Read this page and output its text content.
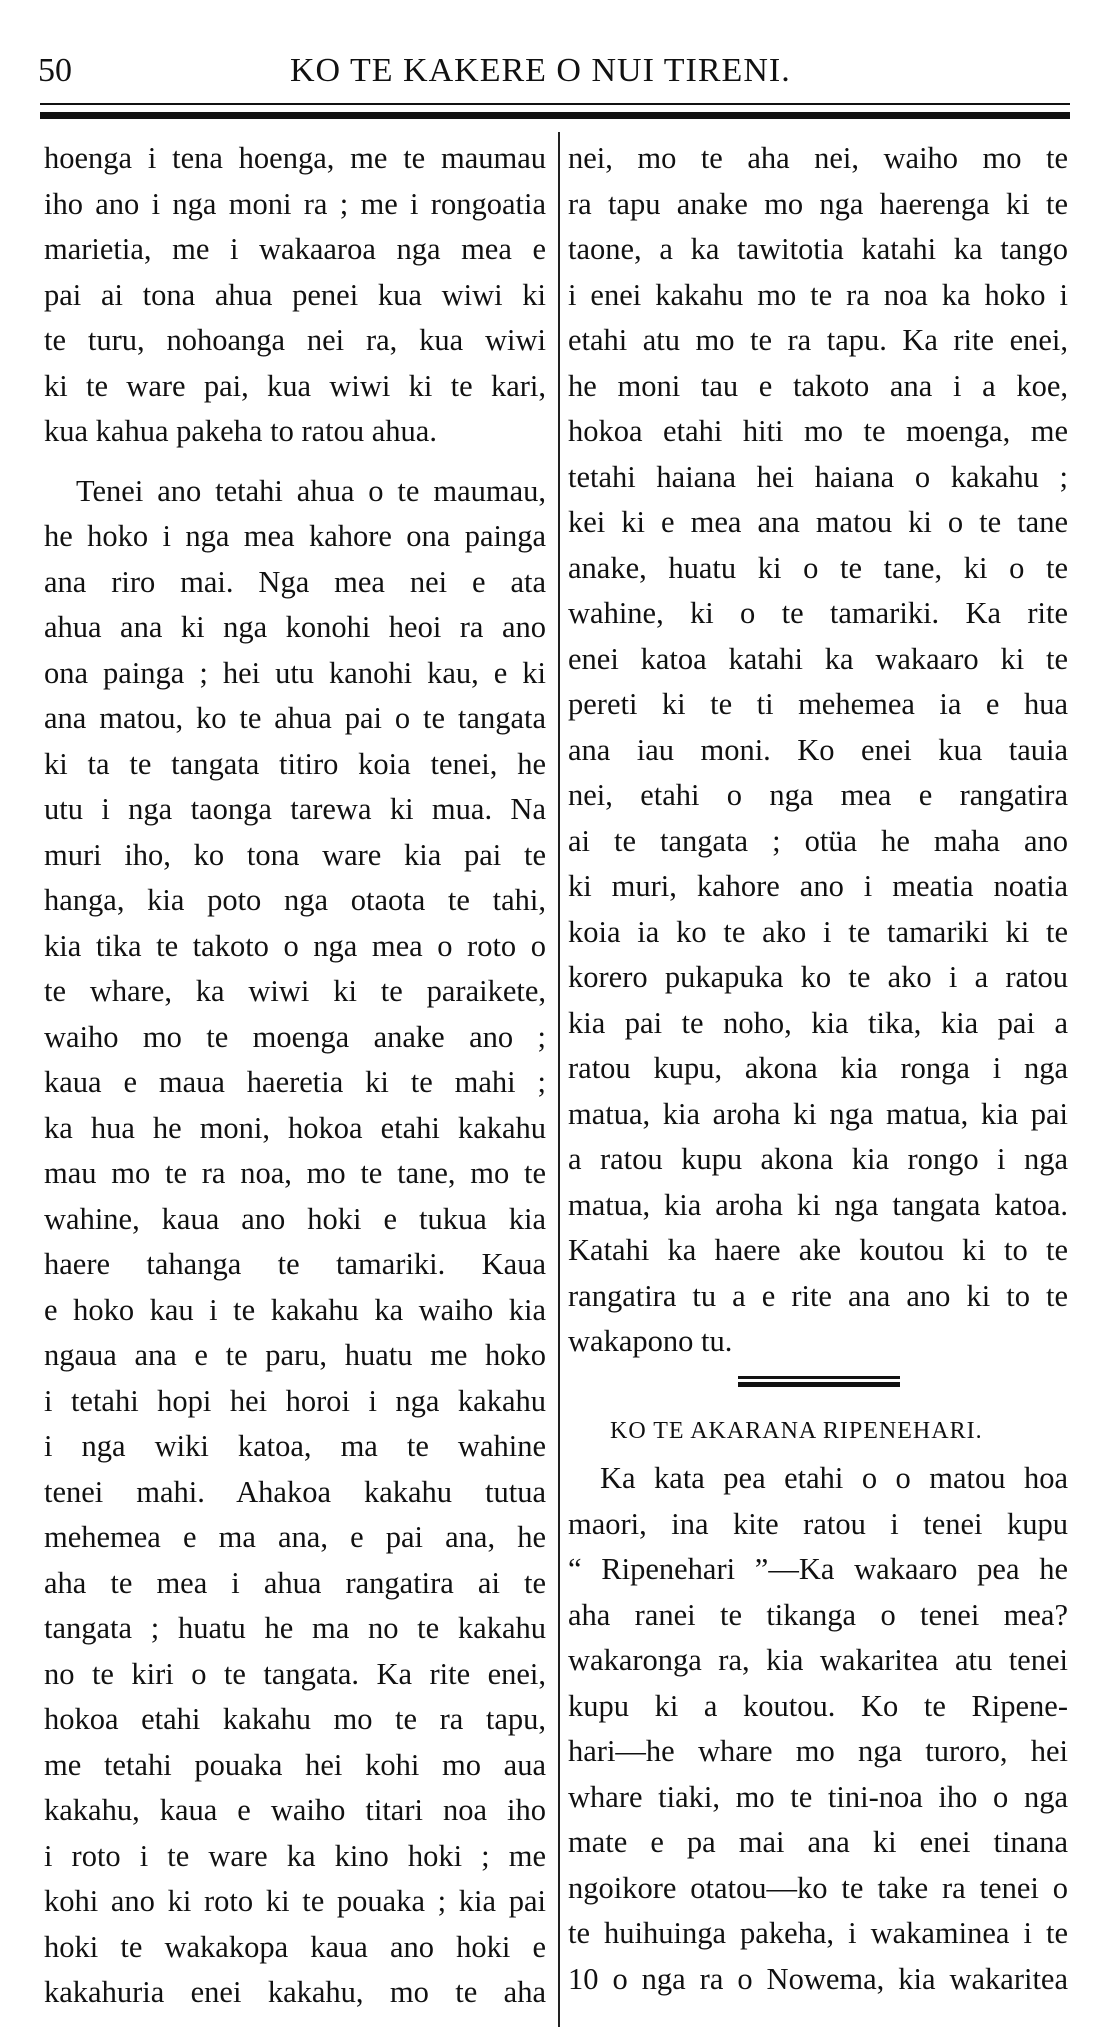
50	KO TE KAKERE O NUI TIRENI.
hoenga i tena hoenga, me te maumau
iho ano i nga moni ra ; me i rongoatia
marietia, me i wakaaroa nga mea e
pai ai tona ahua penei kua wiwi ki
te turu, nohoanga nei ra, kua wiwi
ki te ware pai, kua wiwi ki te kari,
kua kahua pakeha to ratou ahua.
Tenei ano tetahi ahua o te maumau,
he hoko i nga mea kahore ona painga
ana riro mai. Nga mea nei e ata
ahua ana ki nga konohi heoi ra ano
ona painga ; hei utu kanohi kau, e ki
ana matou, ko te ahua pai o te tangata
ki ta te tangata titiro koia tenei, he
utu i nga taonga tarewa ki mua. Na
muri iho, ko tona ware kia pai te
hanga, kia poto nga otaota te tahi,
kia tika te takoto o nga mea o roto o
te whare, ka wiwi ki te paraikete,
waiho mo te moenga anake ano ;
kaua e maua haeretia ki te mahi ;
ka hua he moni, hokoa etahi kakahu
mau mo te ra noa, mo te tane, mo te
wahine, kaua ano hoki e tukua kia
haere tahanga te tamariki. Kaua
e hoko kau i te kakahu ka waiho kia
ngaua ana e te paru, huatu me hoko
i tetahi hopi hei horoi i nga kakahu
i nga wiki katoa, ma te wahine
tenei mahi. Ahakoa kakahu tutua
mehemea e ma ana, e pai ana, he
aha te mea i ahua rangatira ai te
tangata ; huatu he ma no te kakahu
no te kiri o te tangata. Ka rite enei,
hokoa etahi kakahu mo te ra tapu,
me tetahi pouaka hei kohi mo aua
kakahu, kaua e waiho titari noa iho
i roto i te ware ka kino hoki ; me
kohi ano ki roto ki te pouaka ; kia pai
hoki te wakakopa kaua ano hoki e
kakahuria enei kakahu, mo te aha
nei, mo te aha nei, waiho mo te
ra tapu anake mo nga haerenga ki te
taone, a ka tawitotia katahi ka tango
i enei kakahu mo te ra noa ka hoko i
etahi atu mo te ra tapu. Ka rite enei,
he moni tau e takoto ana i a koe,
hokoa etahi hiti mo te moenga, me
tetahi haiana hei haiana o kakahu ;
kei ki e mea ana matou ki o te tane
anake, huatu ki o te tane, ki o te
wahine, ki o te tamariki. Ka rite
enei katoa katahi ka wakaaro ki te
pereti ki te ti mehemea ia e hua
ana iau moni. Ko enei kua tauia
nei, etahi o nga mea e rangatira
ai te tangata ; otüa he maha ano
ki muri, kahore ano i meatia noatia
koia ia ko te ako i te tamariki ki te
korero pukapuka ko te ako i a ratou
kia pai te noho, kia tika, kia pai a
ratou kupu, akona kia ronga i nga
matua, kia aroha ki nga matua, kia pai
a ratou kupu akona kia rongo i nga
matua, kia aroha ki nga tangata katoa.
Katahi ka haere ake koutou ki to te
rangatira tu a e rite ana ano ki to te
wakapono tu.
KO TE AKARANA RIPENEHARI.
Ka kata pea etahi o o matou hoa
maori, ina kite ratou i tenei kupu
“ Ripenehari ”—Ka wakaaro pea he
aha ranei te tikanga o tenei mea?
wakaronga ra, kia wakaritea atu tenei
kupu ki a koutou. Ko te Ripene-
hari—he whare mo nga turoro, hei
whare tiaki, mo te tini-noa iho o nga
mate e pa mai ana ki enei tinana
ngoikore otatou—ko te take ra tenei o
te huihuinga pakeha, i wakaminea i te
10 o nga ra o Nowema, kia wakaritea
